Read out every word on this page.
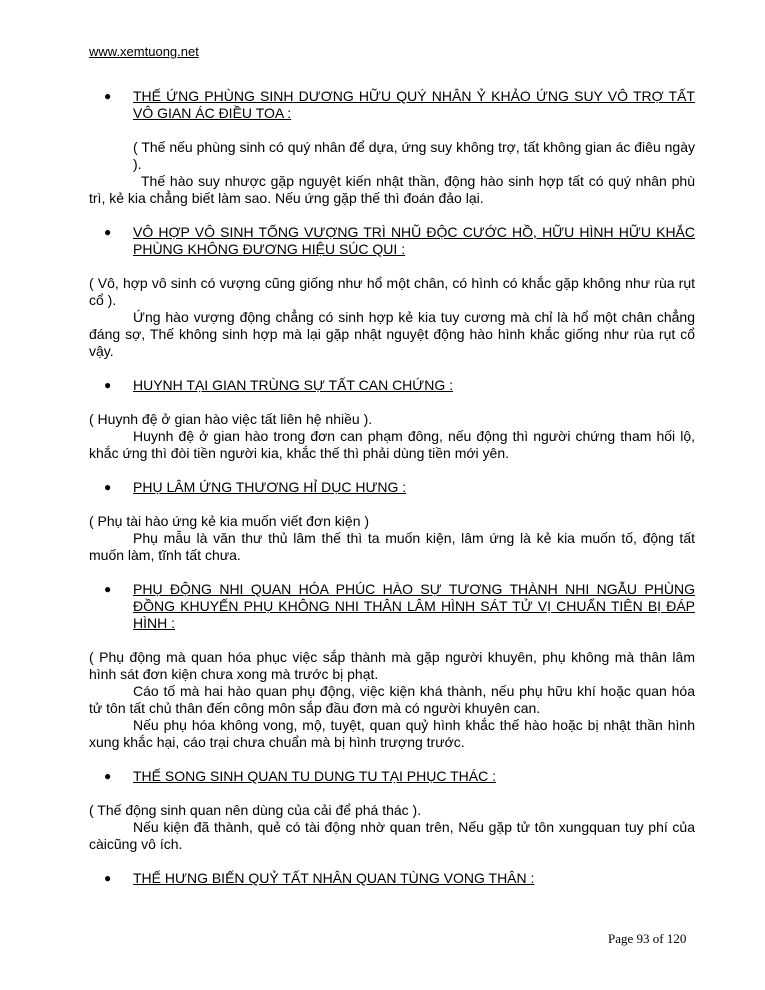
www.xemtuong.net
●	THẾ ỨNG PHÙNG SINH DƯƠNG HỮU QUÝ NHÂN Ỷ KHẢO ỨNG SUY VÔ TRỢ TẤT VÔ GIAN ÁC ĐIỀU TOA :
( Thế nếu phùng sinh có quý nhân để dựa, ứng suy không trợ, tất không gian ác điêu ngày ).
Thế hào suy nhược gặp nguyệt kiến nhật thần, động hào sinh hợp tất có quý nhân phù trì, kẻ kia chẳng biết làm sao. Nếu ứng gặp thế thì đoán đảo lại.
●	VÔ HỢP VÔ SINH TỐNG VƯỢNG TRÌ NHŨ ĐỘC CƯỚC HỒ, HỮU HÌNH HỮU KHẮC PHÙNG KHÔNG ĐƯƠNG HIỆU SÚC QUI :
( Vô, hợp vô sinh có vượng cũng giống như hổ một chân, có hình có khắc gặp không như rùa rụt cổ ).
Ứng hào vượng động chẳng có sinh hợp kẻ kia tuy cương mà chỉ là hổ một chân chẳng đáng sợ, Thế không sinh hợp mà lại gặp nhật nguyệt động hào hình khắc giống như rùa rụt cổ vậy.
●	HUYNH TẠI GIAN TRÙNG SỰ TẤT CAN CHỨNG :
( Huynh đệ ở gian hào việc tất liên hệ nhiều ).
Huynh đệ ở gian hào trong đơn can phạm đông, nếu động thì người chứng tham hối lộ, khắc ứng thì đòi tiền người kia, khắc thế thì phải dùng tiền mới yên.
●	PHỤ LÂM ỨNG THƯƠNG HỈ DỤC HƯNG :
( Phụ tài hào ứng kẻ kia muốn viết đơn kiện )
Phụ mẫu là văn thư thủ lâm thế thì ta muốn kiện, lâm ứng là kẻ kia muốn tố, động tất muốn làm, tĩnh tất chưa.
●	PHỤ ĐỘNG NHI QUAN HÓA PHÚC HÀO SỰ TƯƠNG THÀNH NHI NGẪU PHÙNG ĐỒNG KHUYẾN PHỤ KHÔNG NHI THÂN LÂM HÌNH SÁT TỬ VỊ CHUẨN TIÊN BỊ ĐÁP HÌNH :
( Phụ động mà quan hóa phục việc sắp thành mà gặp người khuyên, phụ không mà thân lâm hình sát đơn kiện chưa xong mà trước bị phạt.
Cáo tố mà hai hào quan phụ động, việc kiện khá thành, nếu phụ hữu khí hoặc quan hóa tử tôn tất chủ thân đến công môn sắp đầu đơn mà có người khuyên can.
Nếu phụ hóa không vong, mộ, tuyệt, quan quỷ hình khắc thế hào hoặc bị nhật thần hình xung khắc hại, cáo trại chưa chuẩn mà bị hình trượng trước.
●	THẾ SONG SINH QUAN TU DUNG TU TẠI PHỤC THÁC :
( Thế động sinh quan nên dùng của cải để phá thác ).
Nếu kiện đã thành, quẻ có tài động nhờ quan trên, Nếu gặp tử tôn xungquan tuy phí của càicũng vô ích.
●	THẾ HƯNG BIẾN QUỶ TẤT NHÂN QUAN TÙNG VONG THÂN :
Page 93 of 120
